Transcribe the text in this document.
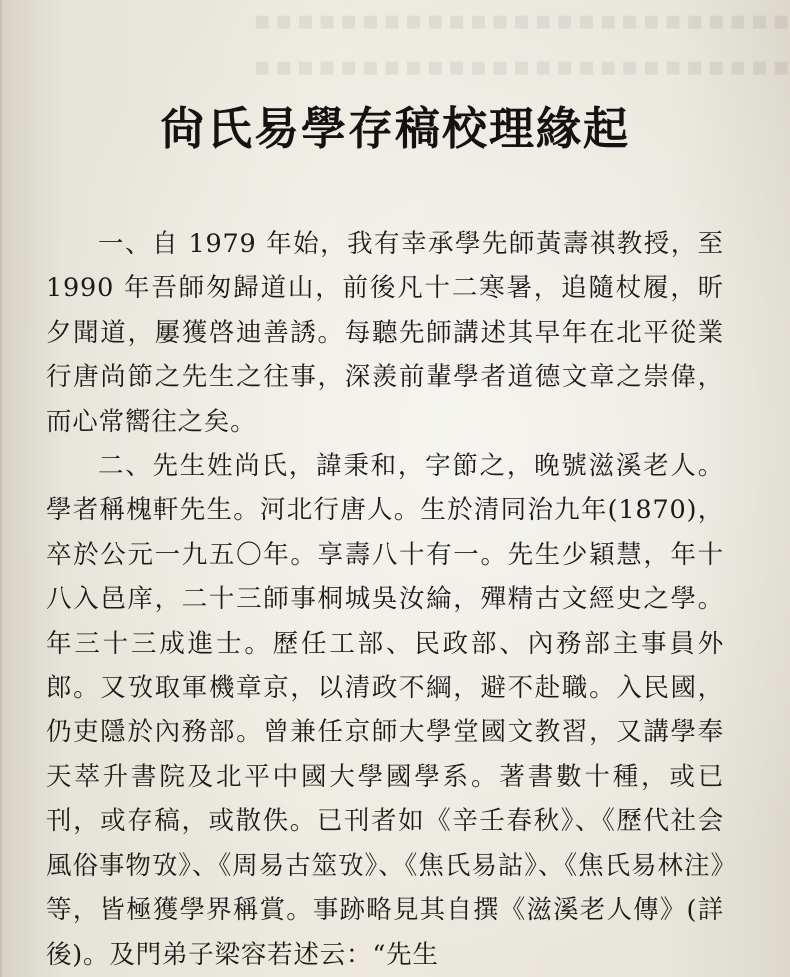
▪▪▪▪▪▪▪▪▪▪▪▪▪▪▪▪▪▪▪▪▪▪▪▪▪
▪▪▪▪▪▪▪▪▪▪▪▪▪▪▪▪▪▪▪▪▪▪▪▪▪
尙氏易學存稿校理緣起

一、自 1979 年始，我有幸承學先師黃壽祺教授，至1990 年吾師匆歸道山，前後凡十二寒暑，追隨杖履，昕夕聞道，屢獲啓迪善誘。每聽先師講述其早年在北平從業行唐尚節之先生之往事，深羨前輩學者道德文章之崇偉，而心常嚮往之矣。

二、先生姓尚氏，諱秉和，字節之，晚號滋溪老人。學者稱槐軒先生。河北行唐人。生於清同治九年(1870)，卒於公元一九五〇年。享壽八十有一。先生少穎慧，年十八入邑庠，二十三師事桐城吳汝綸，殫精古文經史之學。年三十三成進士。歷任工部、民政部、內務部主事員外郎。又攷取軍機章京，以清政不綱，避不赴職。入民國，仍吏隱於內務部。曾兼任京師大學堂國文教習，又講學奉天萃升書院及北平中國大學國學系。著書數十種，或已刊，或存稿，或散佚。已刊者如《辛壬春秋》、《歷代社会風俗事物攷》、《周易古筮攷》、《焦氏易詁》、《焦氏易林注》等，皆極獲學界稱賞。事跡略見其自撰《滋溪老人傳》(詳後)。及門弟子梁容若述云：“先生
